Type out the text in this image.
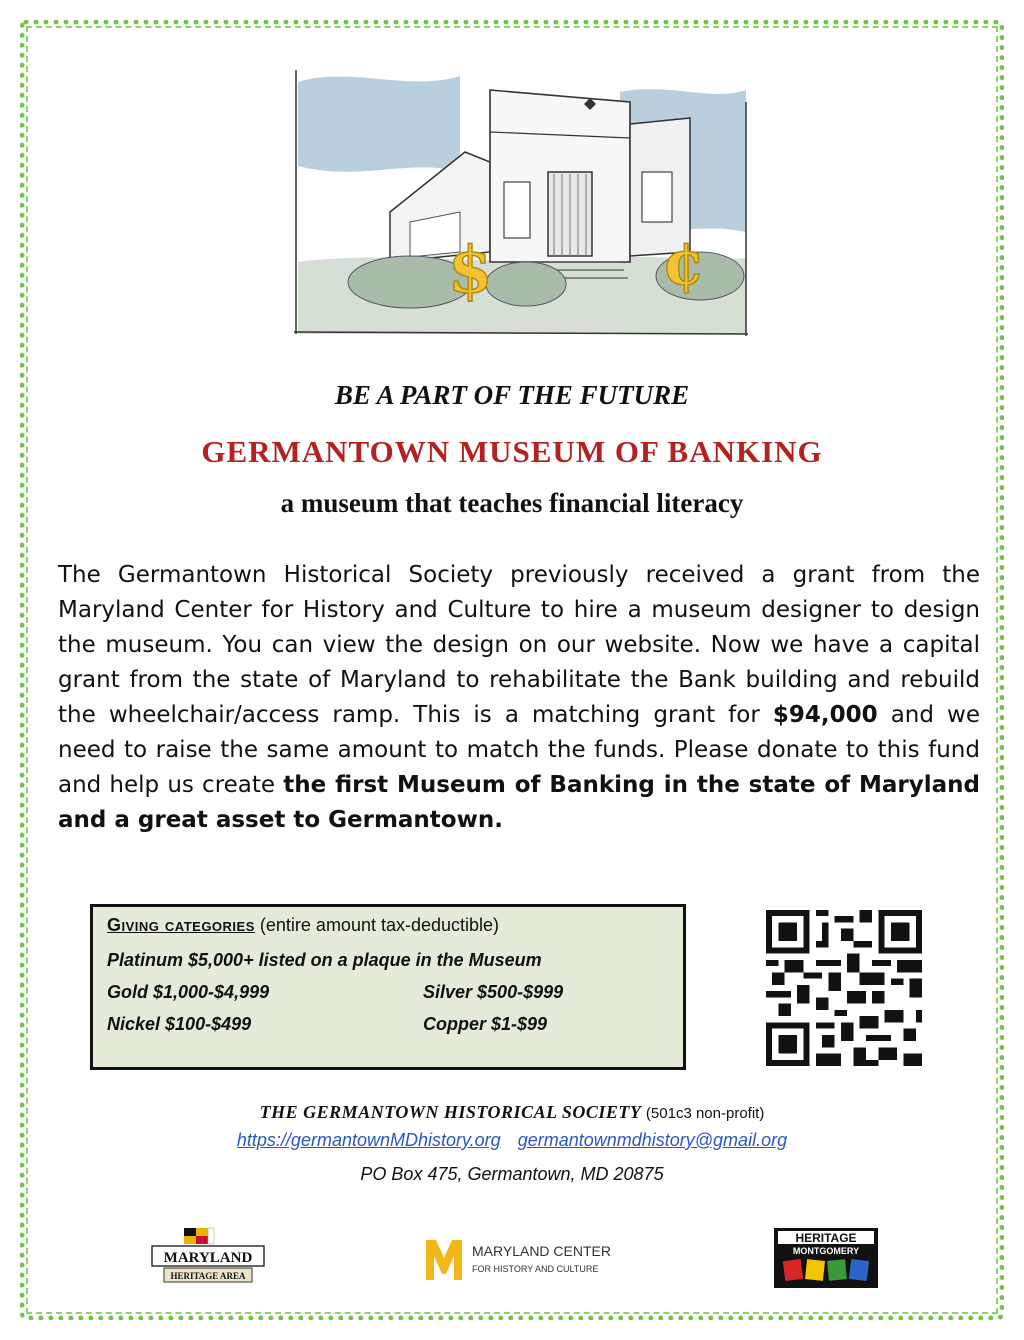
$	¢
BE A PART OF THE FUTURE
GERMANTOWN MUSEUM OF BANKING
a museum that teaches financial literacy

The Germantown Historical Society previously received a grant from the Maryland Center for History and Culture to hire a museum designer to design the museum. You can view the design on our website. Now we have a capital grant from the state of Maryland to rehabilitate the Bank building and rebuild the wheelchair/access ramp. This is a matching grant for $94,000 and we need to raise the same amount to match the funds. Please donate to this fund and help us create the first Museum of Banking in the state of Maryland and a great asset to Germantown.

Giving categories (entire amount tax-deductible)

Platinum $5,000+ listed on a plaque in the Museum
Gold $1,000-$4,999	Silver $500-$999
Nickel $100-$499	Copper $1-$99

THE GERMANTOWN HISTORICAL SOCIETY (501c3 non-profit)

https://germantownMDhistory.org germantownmdhistory@gmail.org

PO Box 475, Germantown, MD 20875

MARYLAND
HERITAGE AREA
MARYLAND CENTER
FOR HISTORY AND CULTURE
HERITAGE
MONTGOMERY
